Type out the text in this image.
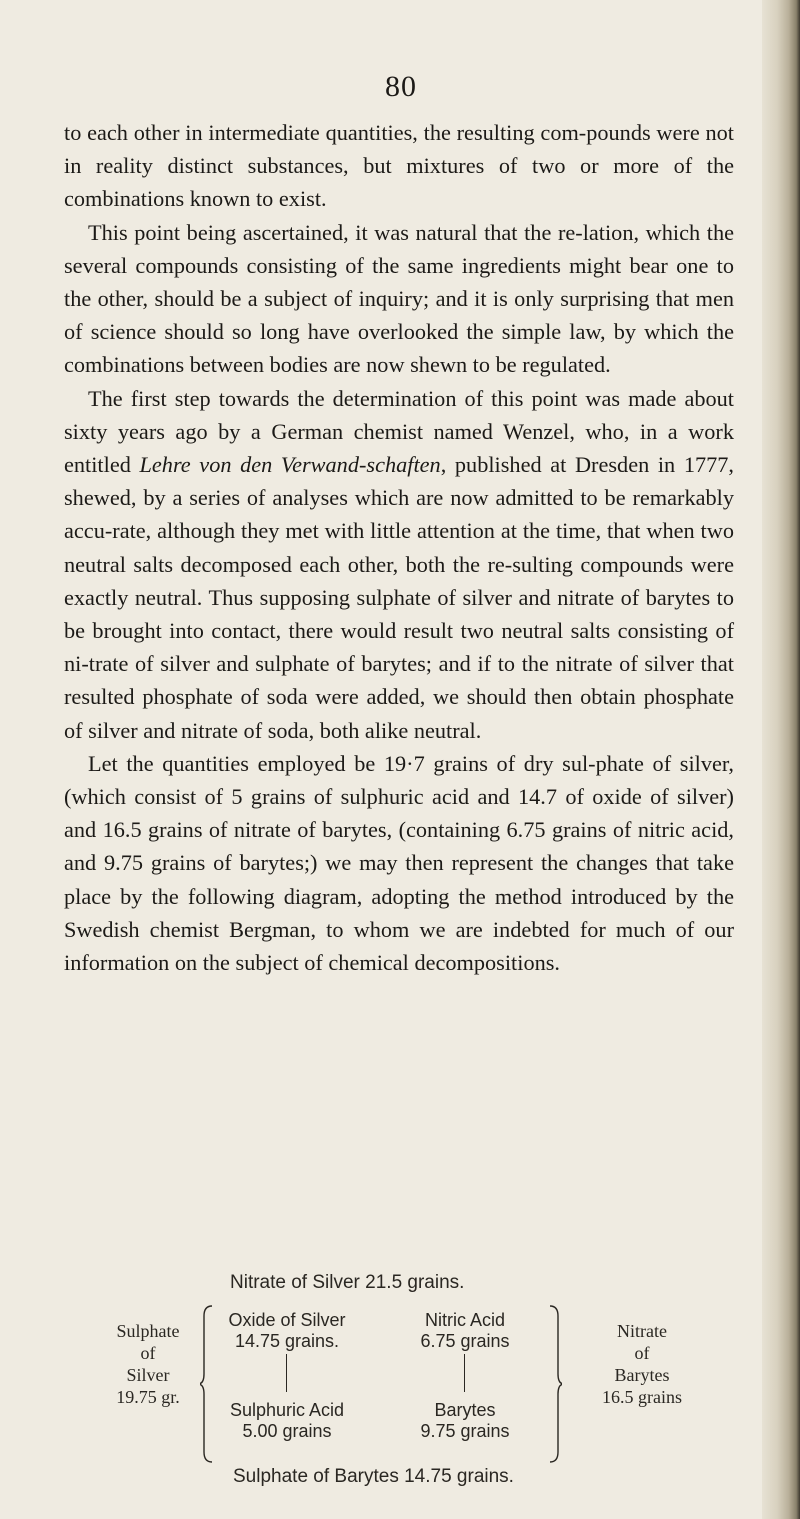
80

to each other in intermediate quantities, the resulting com-pounds were not in reality distinct substances, but mixtures of two or more of the combinations known to exist.

This point being ascertained, it was natural that the re-lation, which the several compounds consisting of the same ingredients might bear one to the other, should be a subject of inquiry; and it is only surprising that men of science should so long have overlooked the simple law, by which the combinations between bodies are now shewn to be regulated.

The first step towards the determination of this point was made about sixty years ago by a German chemist named Wenzel, who, in a work entitled Lehre von den Verwand-schaften, published at Dresden in 1777, shewed, by a series of analyses which are now admitted to be remarkably accu-rate, although they met with little attention at the time, that when two neutral salts decomposed each other, both the re-sulting compounds were exactly neutral. Thus supposing sulphate of silver and nitrate of barytes to be brought into contact, there would result two neutral salts consisting of ni-trate of silver and sulphate of barytes; and if to the nitrate of silver that resulted phosphate of soda were added, we should then obtain phosphate of silver and nitrate of soda, both alike neutral.

Let the quantities employed be 19·7 grains of dry sul-phate of silver, (which consist of 5 grains of sulphuric acid and 14.7 of oxide of silver) and 16.5 grains of nitrate of barytes, (containing 6.75 grains of nitric acid, and 9.75 grains of barytes;) we may then represent the changes that take place by the following diagram, adopting the method introduced by the Swedish chemist Bergman, to whom we are indebted for much of our information on the subject of chemical decompositions.

Nitrate of Silver 21.5 grains.
Sulphate of Barytes 14.75 grains.
Sulphate
of
Silver
19.75 gr.
Nitrate
of
Barytes
16.5 grains
Oxide of Silver
14.75 grains.
Nitric Acid
6.75 grains
Sulphuric Acid
5.00 grains
Barytes
9.75 grains
